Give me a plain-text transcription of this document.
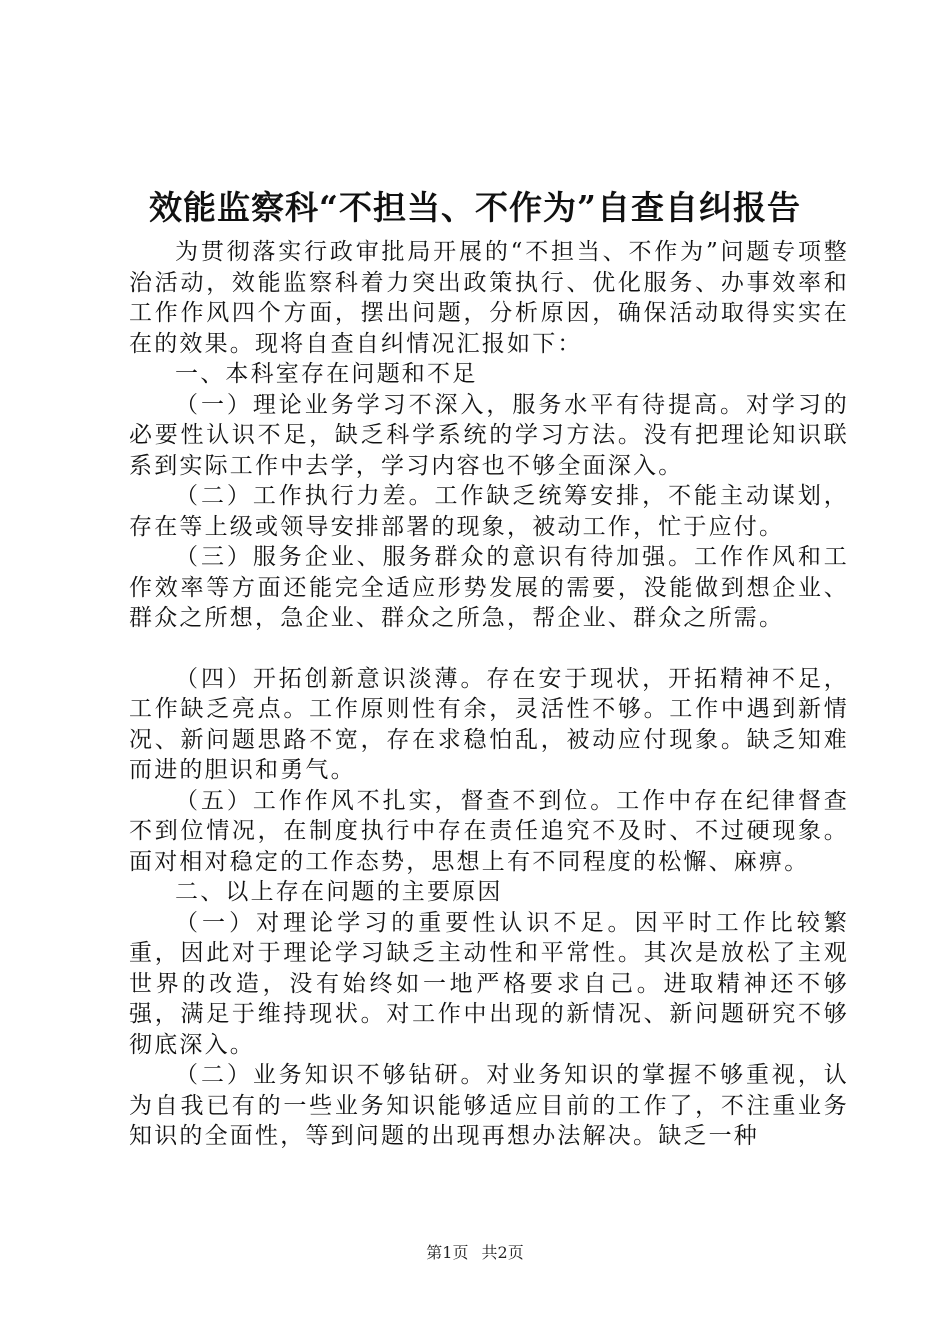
效能监察科“不担当、不作为”自查自纠报告

为贯彻落实行政审批局开展的“不担当、不作为”问题专项整治活动，效能监察科着力突出政策执行、优化服务、办事效率和工作作风四个方面，摆出问题，分析原因，确保活动取得实实在在的效果。现将自查自纠情况汇报如下：

一、本科室存在问题和不足

（一）理论业务学习不深入，服务水平有待提高。对学习的必要性认识不足，缺乏科学系统的学习方法。没有把理论知识联系到实际工作中去学，学习内容也不够全面深入。

（二）工作执行力差。工作缺乏统筹安排，不能主动谋划，存在等上级或领导安排部署的现象，被动工作，忙于应付。

（三）服务企业、服务群众的意识有待加强。工作作风和工作效率等方面还能完全适应形势发展的需要，没能做到想企业、群众之所想，急企业、群众之所急，帮企业、群众之所需。

（四）开拓创新意识淡薄。存在安于现状，开拓精神不足，工作缺乏亮点。工作原则性有余，灵活性不够。工作中遇到新情况、新问题思路不宽，存在求稳怕乱，被动应付现象。缺乏知难而进的胆识和勇气。

（五）工作作风不扎实，督查不到位。工作中存在纪律督查不到位情况，在制度执行中存在责任追究不及时、不过硬现象。面对相对稳定的工作态势，思想上有不同程度的松懈、麻痹。

二、以上存在问题的主要原因

（一）对理论学习的重要性认识不足。因平时工作比较繁重，因此对于理论学习缺乏主动性和平常性。其次是放松了主观世界的改造，没有始终如一地严格要求自己。进取精神还不够强，满足于维持现状。对工作中出现的新情况、新问题研究不够彻底深入。

（二）业务知识不够钻研。对业务知识的掌握不够重视，认为自我已有的一些业务知识能够适应目前的工作了，不注重业务知识的全面性，等到问题的出现再想办法解决。缺乏一种

第1页 共2页
